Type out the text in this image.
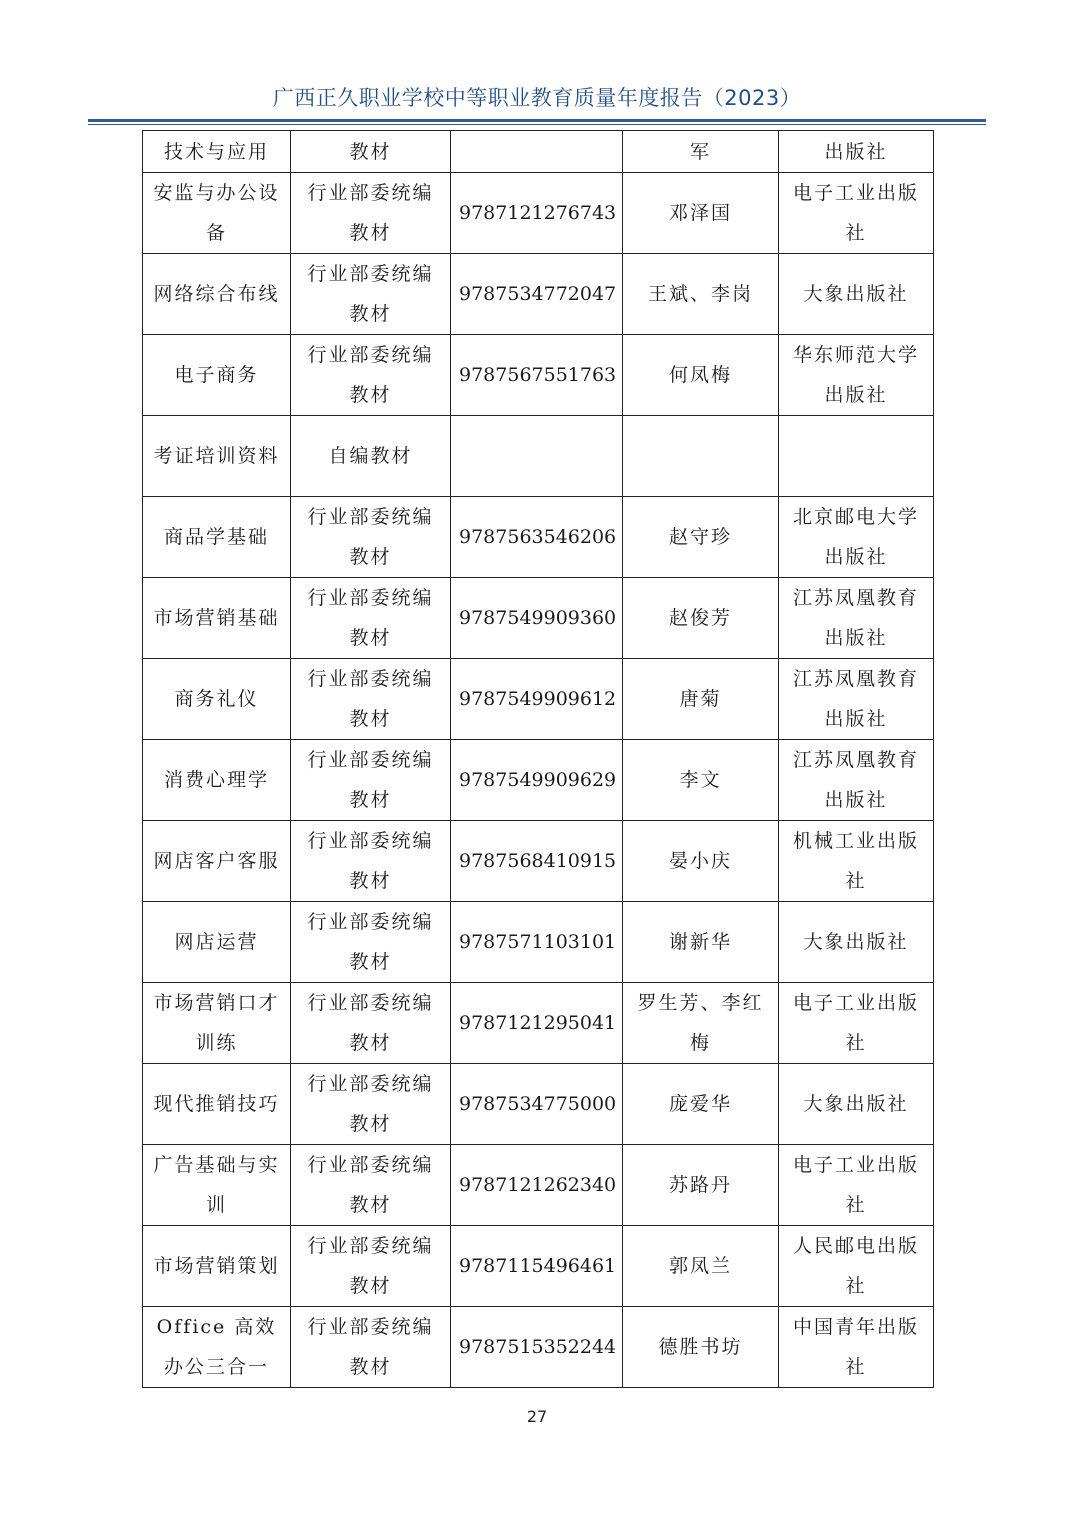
广西正久职业学校中等职业教育质量年度报告（2023）
技术与应用	教材		军	出版社
安监与办公设备	行业部委统编教材	9787121276743	邓泽国	电子工业出版社
网络综合布线	行业部委统编教材	9787534772047	王斌、李岗	大象出版社
电子商务	行业部委统编教材	9787567551763	何凤梅	华东师范大学出版社
考证培训资料	自编教材			
商品学基础	行业部委统编教材	9787563546206	赵守珍	北京邮电大学出版社
市场营销基础	行业部委统编教材	9787549909360	赵俊芳	江苏凤凰教育出版社
商务礼仪	行业部委统编教材	9787549909612	唐菊	江苏凤凰教育出版社
消费心理学	行业部委统编教材	9787549909629	李文	江苏凤凰教育出版社
网店客户客服	行业部委统编教材	9787568410915	晏小庆	机械工业出版社
网店运营	行业部委统编教材	9787571103101	谢新华	大象出版社
市场营销口才训练	行业部委统编教材	9787121295041	罗生芳、李红梅	电子工业出版社
现代推销技巧	行业部委统编教材	9787534775000	庞爱华	大象出版社
广告基础与实训	行业部委统编教材	9787121262340	苏路丹	电子工业出版社
市场营销策划	行业部委统编教材	9787115496461	郭凤兰	人民邮电出版社
Office 高效办公三合一	行业部委统编教材	9787515352244	德胜书坊	中国青年出版社
27
